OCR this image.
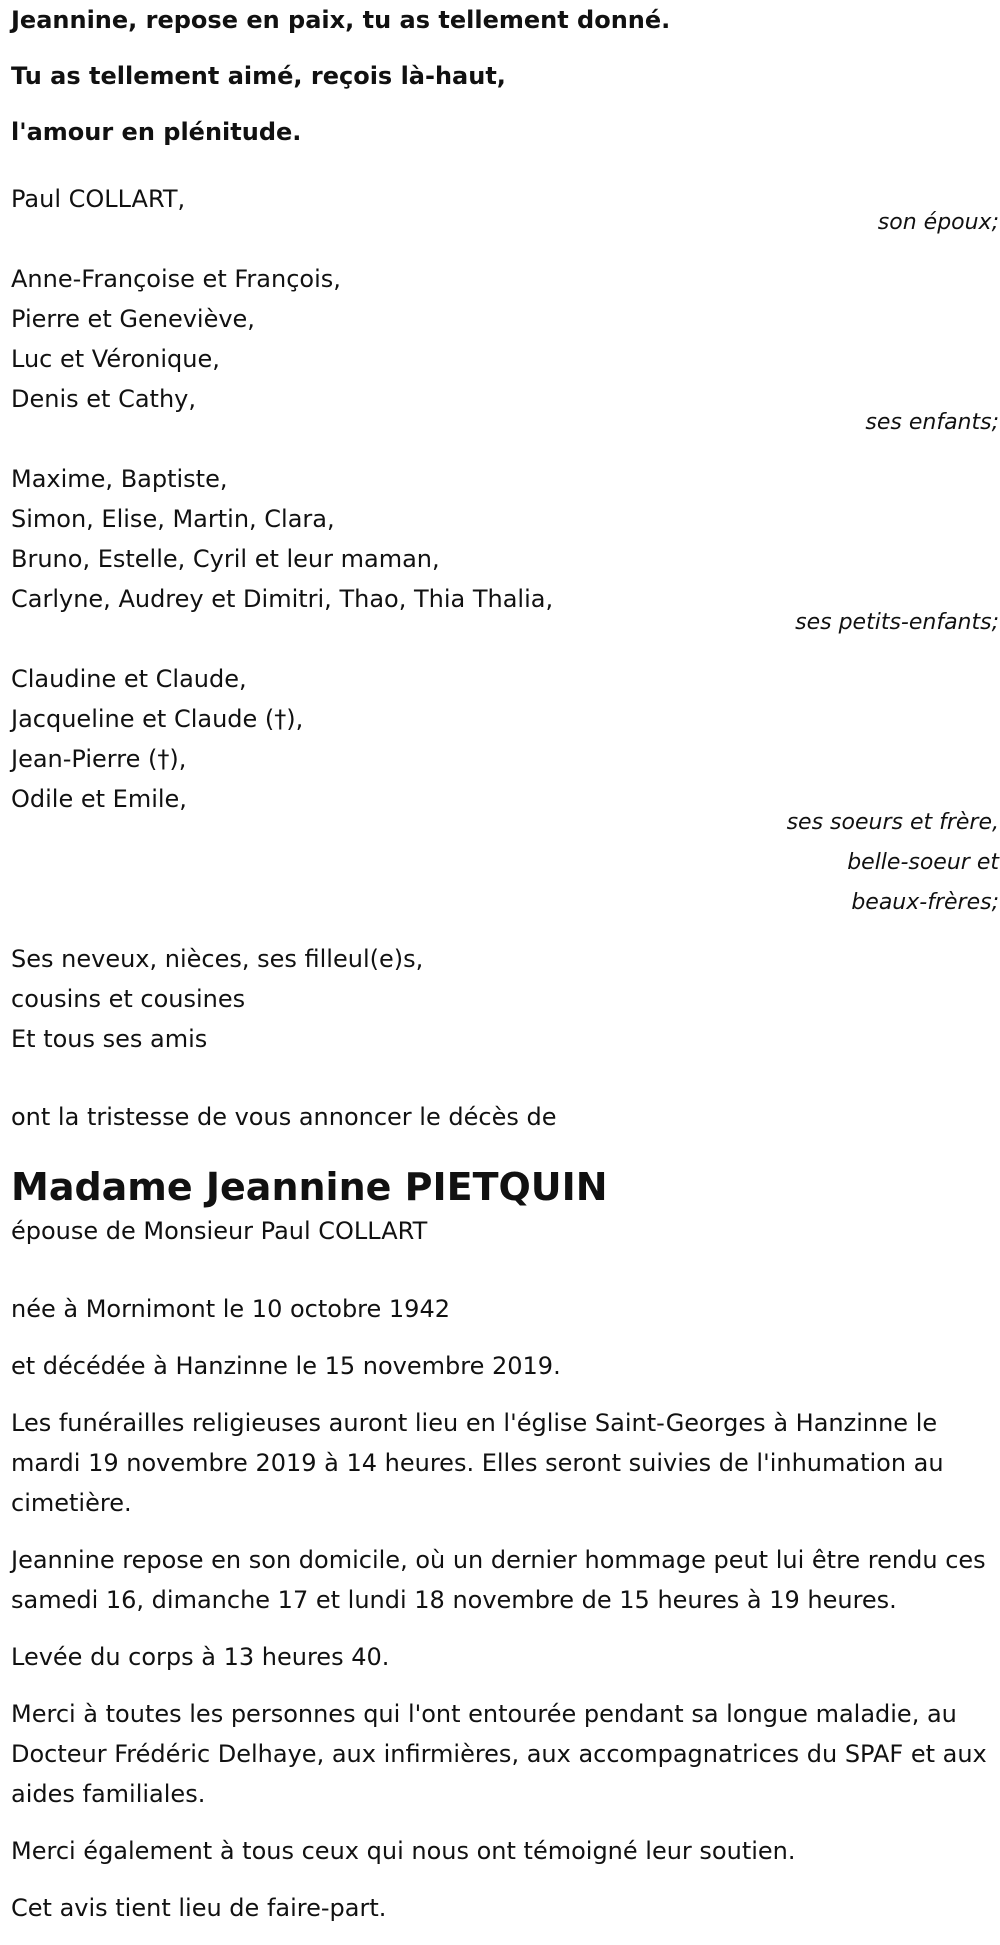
Jeannine, repose en paix, tu as tellement donné.

Tu as tellement aimé, reçois là-haut,

l'amour en plénitude.

Paul COLLART,

son époux;

Anne-Françoise et François,

Pierre et Geneviève,

Luc et Véronique,

Denis et Cathy,

ses enfants;

Maxime, Baptiste,

Simon, Elise, Martin, Clara,

Bruno, Estelle, Cyril et leur maman,

Carlyne, Audrey et Dimitri, Thao, Thia Thalia,

ses petits-enfants;

Claudine et Claude,

Jacqueline et Claude (†),

Jean-Pierre (†),

Odile et Emile,

ses soeurs et frère,

belle-soeur et

beaux-frères;

Ses neveux, nièces, ses filleul(e)s,

cousins et cousines

Et tous ses amis

ont la tristesse de vous annoncer le décès de

Madame Jeannine PIETQUIN

épouse de Monsieur Paul COLLART

née à Mornimont le 10 octobre 1942

et décédée à Hanzinne le 15 novembre 2019.

Les funérailles religieuses auront lieu en l'église Saint-Georges à Hanzinne le mardi 19 novembre 2019 à 14 heures. Elles seront suivies de l'inhumation au cimetière.

Jeannine repose en son domicile, où un dernier hommage peut lui être rendu ces samedi 16, dimanche 17 et lundi 18 novembre de 15 heures à 19 heures.

Levée du corps à 13 heures 40.

Merci à toutes les personnes qui l'ont entourée pendant sa longue maladie, au Docteur Frédéric Delhaye, aux infirmières, aux accompagnatrices du SPAF et aux aides familiales.

Merci également à tous ceux qui nous ont témoigné leur soutien.

Cet avis tient lieu de faire-part.
